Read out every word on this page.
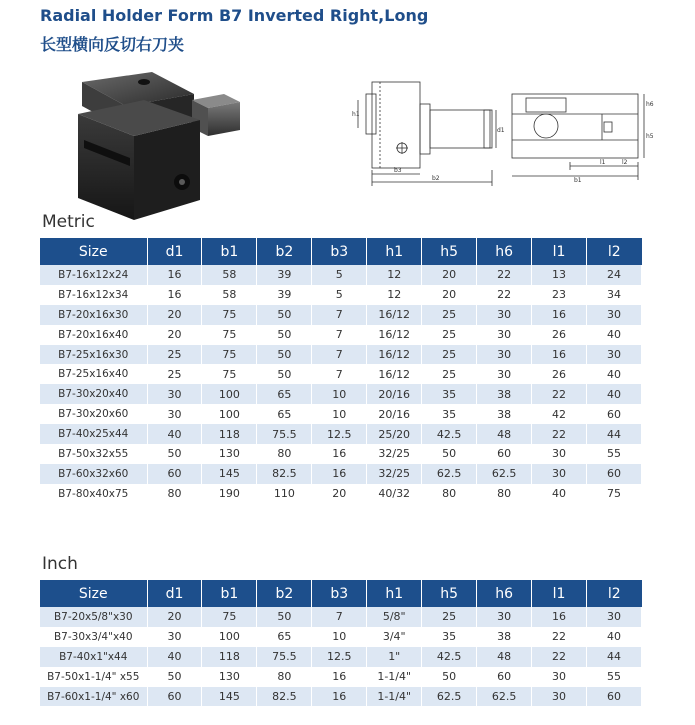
Radial Holder Form B7 Inverted Right,Long
长型横向反切右刀夹
b3
b2	b1
l1	l2
h1
d1
h6
h5
Metric
Size	d1	b1	b2	b3	h1	h5	h6	l1	l2
B7-16x12x24	16	58	39	5	12	20	22	13	24
B7-16x12x34	16	58	39	5	12	20	22	23	34
B7-20x16x30	20	75	50	7	16/12	25	30	16	30
B7-20x16x40	20	75	50	7	16/12	25	30	26	40
B7-25x16x30	25	75	50	7	16/12	25	30	16	30
B7-25x16x40	25	75	50	7	16/12	25	30	26	40
B7-30x20x40	30	100	65	10	20/16	35	38	22	40
B7-30x20x60	30	100	65	10	20/16	35	38	42	60
B7-40x25x44	40	118	75.5	12.5	25/20	42.5	48	22	44
B7-50x32x55	50	130	80	16	32/25	50	60	30	55
B7-60x32x60	60	145	82.5	16	32/25	62.5	62.5	30	60
B7-80x40x75	80	190	110	20	40/32	80	80	40	75
Inch
Size	d1	b1	b2	b3	h1	h5	h6	l1	l2
B7-20x5/8"x30	20	75	50	7	5/8"	25	30	16	30
B7-30x3/4"x40	30	100	65	10	3/4"	35	38	22	40
B7-40x1"x44	40	118	75.5	12.5	1"	42.5	48	22	44
B7-50x1-1/4" x55	50	130	80	16	1-1/4"	50	60	30	55
B7-60x1-1/4" x60	60	145	82.5	16	1-1/4"	62.5	62.5	30	60
